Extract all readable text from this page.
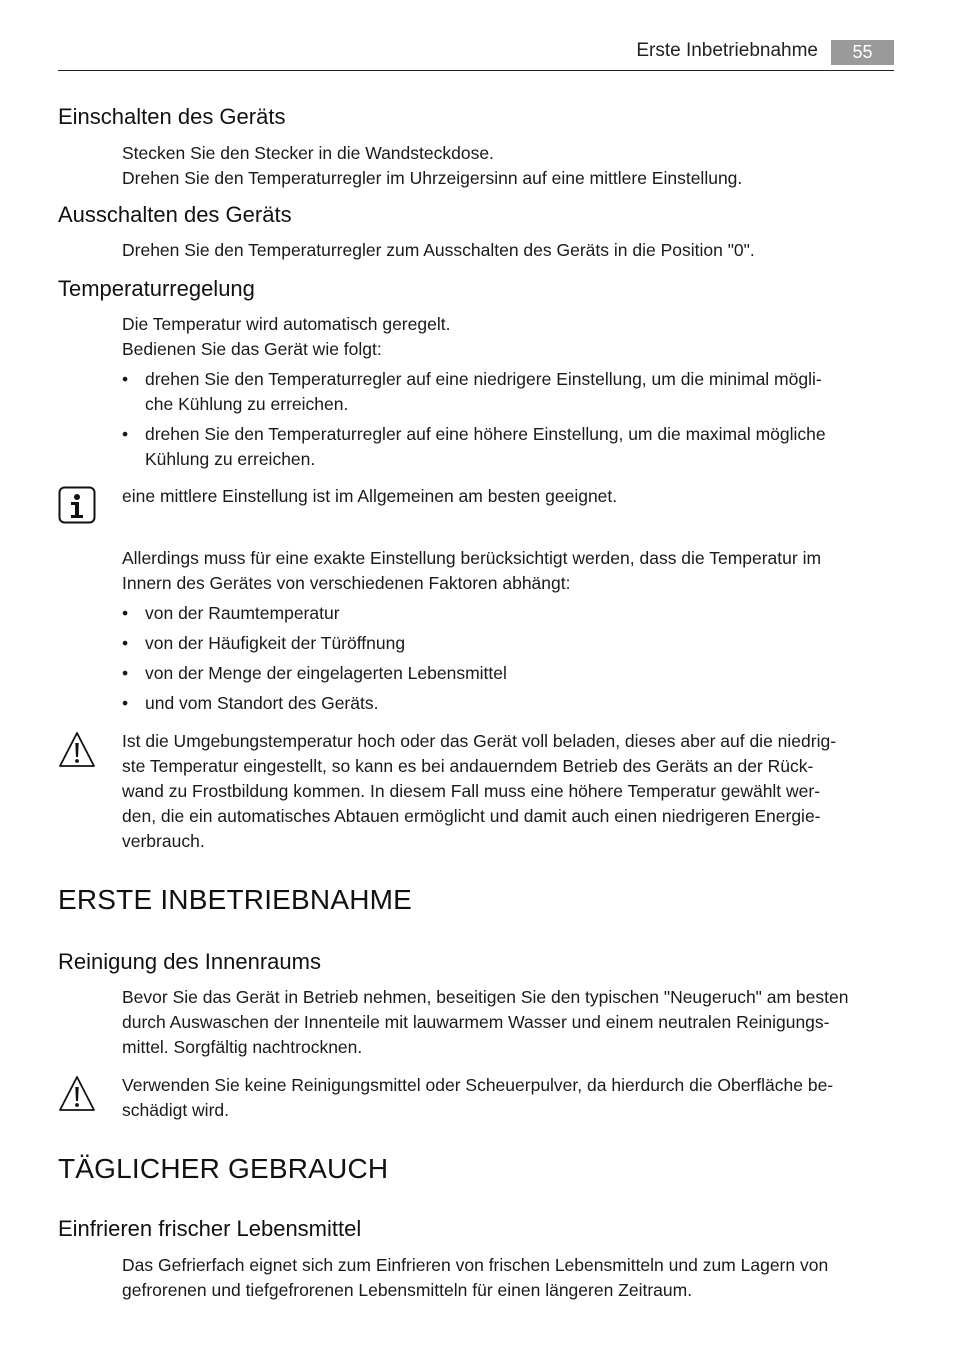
Erste Inbetriebnahme	55
Einschalten des Geräts
Stecken Sie den Stecker in die Wandsteckdose.
Drehen Sie den Temperaturregler im Uhrzeigersinn auf eine mittlere Einstellung.
Ausschalten des Geräts
Drehen Sie den Temperaturregler zum Ausschalten des Geräts in die Position "0".
Temperaturregelung
Die Temperatur wird automatisch geregelt.
Bedienen Sie das Gerät wie folgt:
• drehen Sie den Temperaturregler auf eine niedrigere Einstellung, um die minimal mögli-
che Kühlung zu erreichen.
• drehen Sie den Temperaturregler auf eine höhere Einstellung, um die maximal mögliche
Kühlung zu erreichen.
eine mittlere Einstellung ist im Allgemeinen am besten geeignet.
Allerdings muss für eine exakte Einstellung berücksichtigt werden, dass die Temperatur im
Innern des Gerätes von verschiedenen Faktoren abhängt:
• von der Raumtemperatur
• von der Häufigkeit der Türöffnung
• von der Menge der eingelagerten Lebensmittel
• und vom Standort des Geräts.
Ist die Umgebungstemperatur hoch oder das Gerät voll beladen, dieses aber auf die niedrig-
ste Temperatur eingestellt, so kann es bei andauerndem Betrieb des Geräts an der Rück-
wand zu Frostbildung kommen. In diesem Fall muss eine höhere Temperatur gewählt wer-
den, die ein automatisches Abtauen ermöglicht und damit auch einen niedrigeren Energie-
verbrauch.
ERSTE INBETRIEBNAHME
Reinigung des Innenraums
Bevor Sie das Gerät in Betrieb nehmen, beseitigen Sie den typischen "Neugeruch" am besten
durch Auswaschen der Innenteile mit lauwarmem Wasser und einem neutralen Reinigungs-
mittel. Sorgfältig nachtrocknen.
Verwenden Sie keine Reinigungsmittel oder Scheuerpulver, da hierdurch die Oberfläche be-
schädigt wird.
TÄGLICHER GEBRAUCH
Einfrieren frischer Lebensmittel
Das Gefrierfach eignet sich zum Einfrieren von frischen Lebensmitteln und zum Lagern von
gefrorenen und tiefgefrorenen Lebensmitteln für einen längeren Zeitraum.
